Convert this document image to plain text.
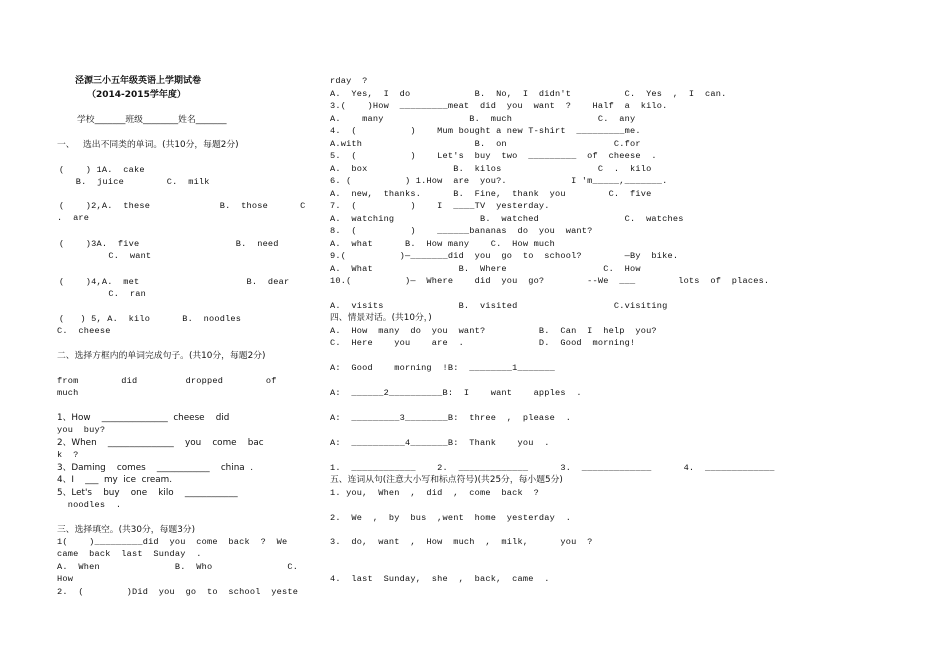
泾源三小五年级英语上学期试卷
（2014-2015学年度）
学校_______班级________姓名_______
一、   选出不同类的单词。(共10分，每题2分)
(    ) 1A.  cake
B.  juice        C.  milk
(    )2,A.  these             B.  those      C
.  are
(    )3A.  five                  B.  need
C.  want
(    )4,A.  met                    B.  dear
C.  ran
(   ) 5, A.  kilo      B.  noodles
C.  cheese
二、选择方框内的单词完成句子。(共10分，每题2分)
from        did         dropped        of
much
1、How    _______________  cheese    did
you  buy?
2、When    _______________    you    come    bac
k  ?
3、Daming    comes    ____________    china  .
4、I    ___  my  ice  cream.
5、Let's    buy    one    kilo    ____________
noodles  .
三、选择填空。(共30分，每题3分)
1(    )_________did  you  come  back  ?  We
came  back  last  Sunday  .
A.  When              B.  Who              C.
How
2.  (        )Did  you  go  to  school  yeste
rday  ?
A.  Yes,  I  do            B.  No,  I  didn't          C.  Yes  ,  I  can.
3.(    )How  _________meat  did  you  want  ?    Half  a  kilo.
A.    many                B.  much                C.  any
4.  (          )    Mum bought a new T-shirt  _________me.
A.with                     B.  on                    C.for
5.  (          )    Let's  buy  two  _________  of  cheese  .
A.  box                B.  kilos                  C  .  kilo
6. (          ) 1.How  are  you?.            I 'm_____,_______.
A.  new,  thanks.      B.  Fine,  thank  you        C.  five
7.  (          )    I  ____TV  yesterday.
A.  watching                B.  watched                C.  watches
8.  (          )    ______bananas  do  you  want?
A.  what      B.  How many    C.  How much
9.(          )—_______did  you  go  to  school?        —By  bike.
A.  What                B.  Where                  C.  How
10.(          )—  Where    did  you  go?        --We  ___        lots  of  places.
A.  visits              B.  visited                  C.visiting
四、情景对话。(共10分，)
A.  How  many  do  you  want?          B.  Can  I  help  you?
C.  Here    you    are  .              D.  Good  morning!
A:  Good    morning  !B:  ________1_______
A:  ______2__________B:  I    want    apples  .
A:  _________3________B:  three  ,  please  .
A:  __________4_______B:  Thank    you  .
1.  ____________    2.  _____________      3.  _____________      4.  _____________
五、连词从句(注意大小写和标点符号)(共25分，每小题5分)
1. you,  When  ,  did  ,  come  back  ?
2.  We  ,  by  bus  ,went  home  yesterday  .
3.  do,  want  ,  How  much  ,  milk,      you  ?
4.  last  Sunday,  she  ,  back,  came  .
